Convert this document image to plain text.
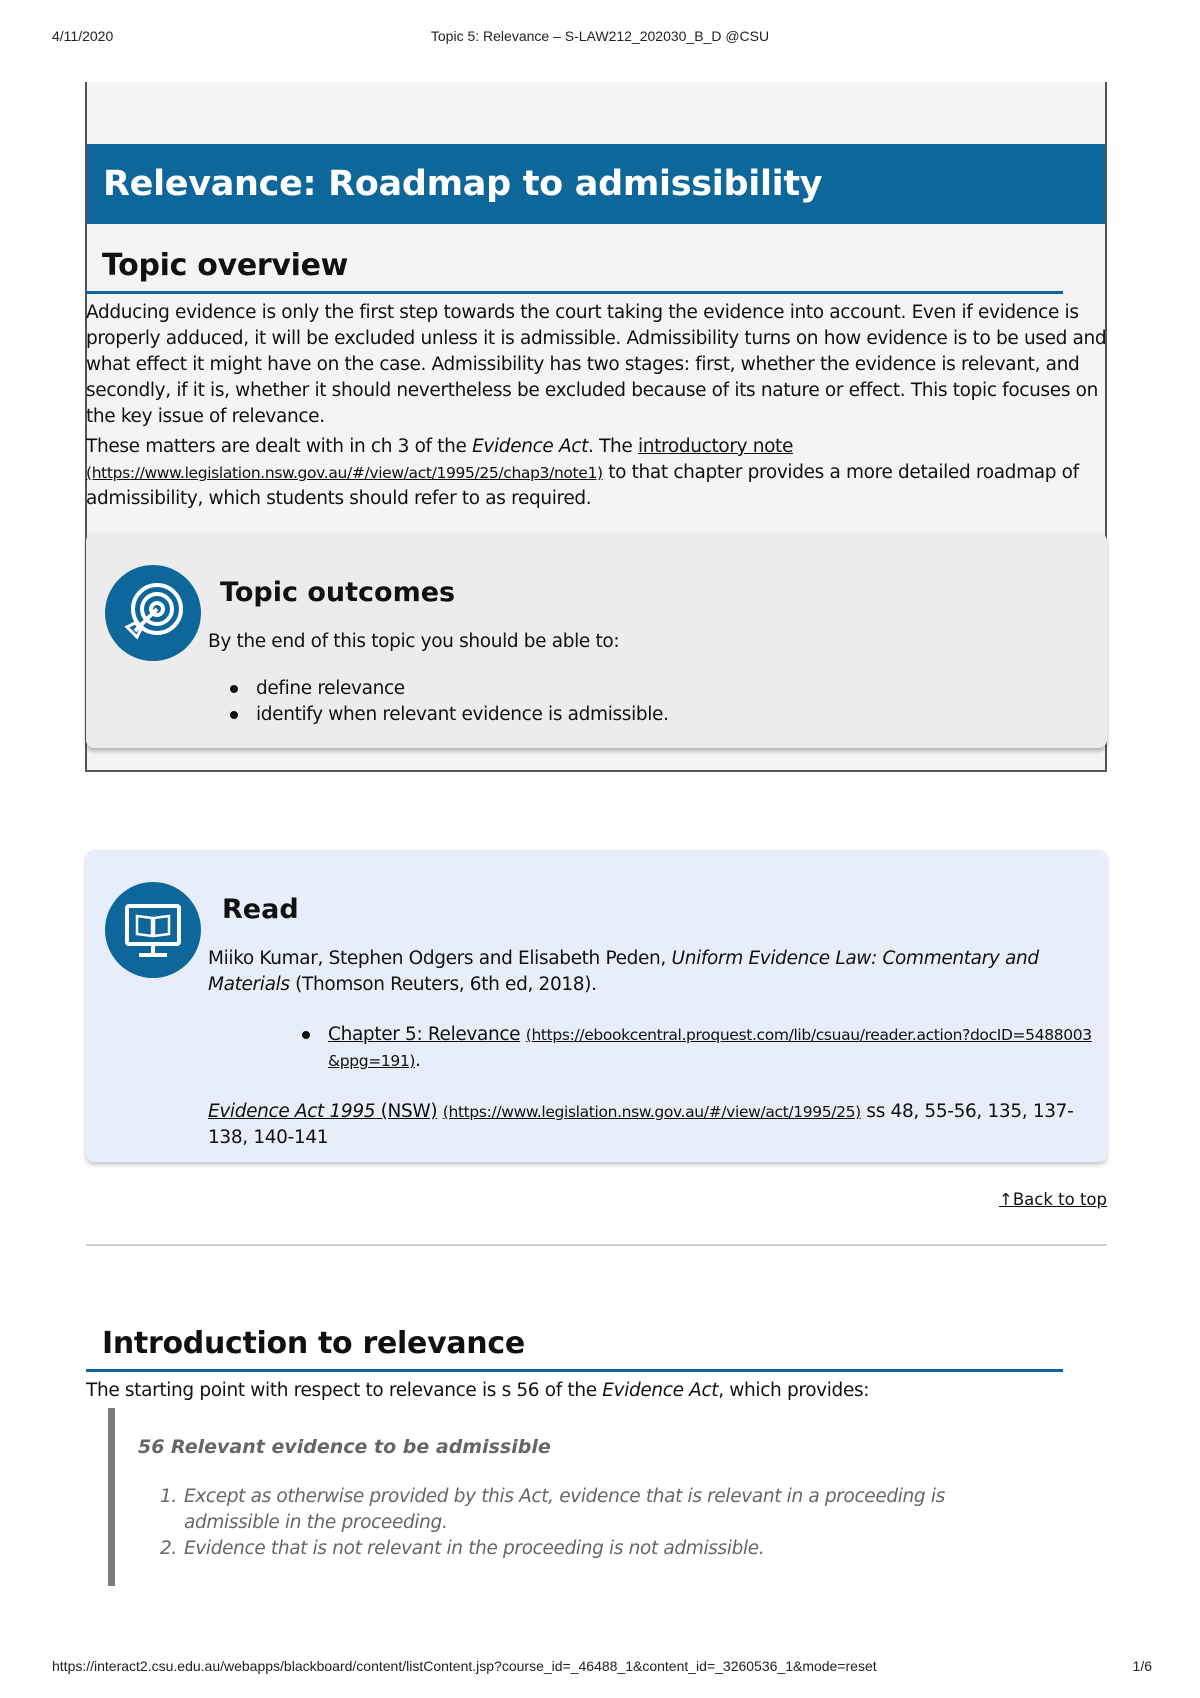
4/11/2020	Topic 5: Relevance – S-LAW212_202030_B_D @CSU
Relevance: Roadmap to admissibility
Topic overview
Adducing evidence is only the first step towards the court taking the evidence into account. Even if evidence is properly adduced, it will be excluded unless it is admissible. Admissibility turns on how evidence is to be used and what effect it might have on the case. Admissibility has two stages: first, whether the evidence is relevant, and secondly, if it is, whether it should nevertheless be excluded because of its nature or effect. This topic focuses on the key issue of relevance.
These matters are dealt with in ch 3 of the Evidence Act. The introductory note (https://www.legislation.nsw.gov.au/#/view/act/1995/25/chap3/note1) to that chapter provides a more detailed roadmap of admissibility, which students should refer to as required.
Topic outcomes
By the end of this topic you should be able to:
define relevance
identify when relevant evidence is admissible.
Read
Miiko Kumar, Stephen Odgers and Elisabeth Peden, Uniform Evidence Law: Commentary and Materials (Thomson Reuters, 6th ed, 2018).
Chapter 5: Relevance (https://ebookcentral.proquest.com/lib/csuau/reader.action?docID=5488003&ppg=191).
Evidence Act 1995 (NSW) (https://www.legislation.nsw.gov.au/#/view/act/1995/25) ss 48, 55-56, 135, 137-138, 140-141
↑Back to top
Introduction to relevance
The starting point with respect to relevance is s 56 of the Evidence Act, which provides:
56 Relevant evidence to be admissible
1. Except as otherwise provided by this Act, evidence that is relevant in a proceeding is admissible in the proceeding.
2. Evidence that is not relevant in the proceeding is not admissible.
https://interact2.csu.edu.au/webapps/blackboard/content/listContent.jsp?course_id=_46488_1&content_id=_3260536_1&mode=reset	1/6
